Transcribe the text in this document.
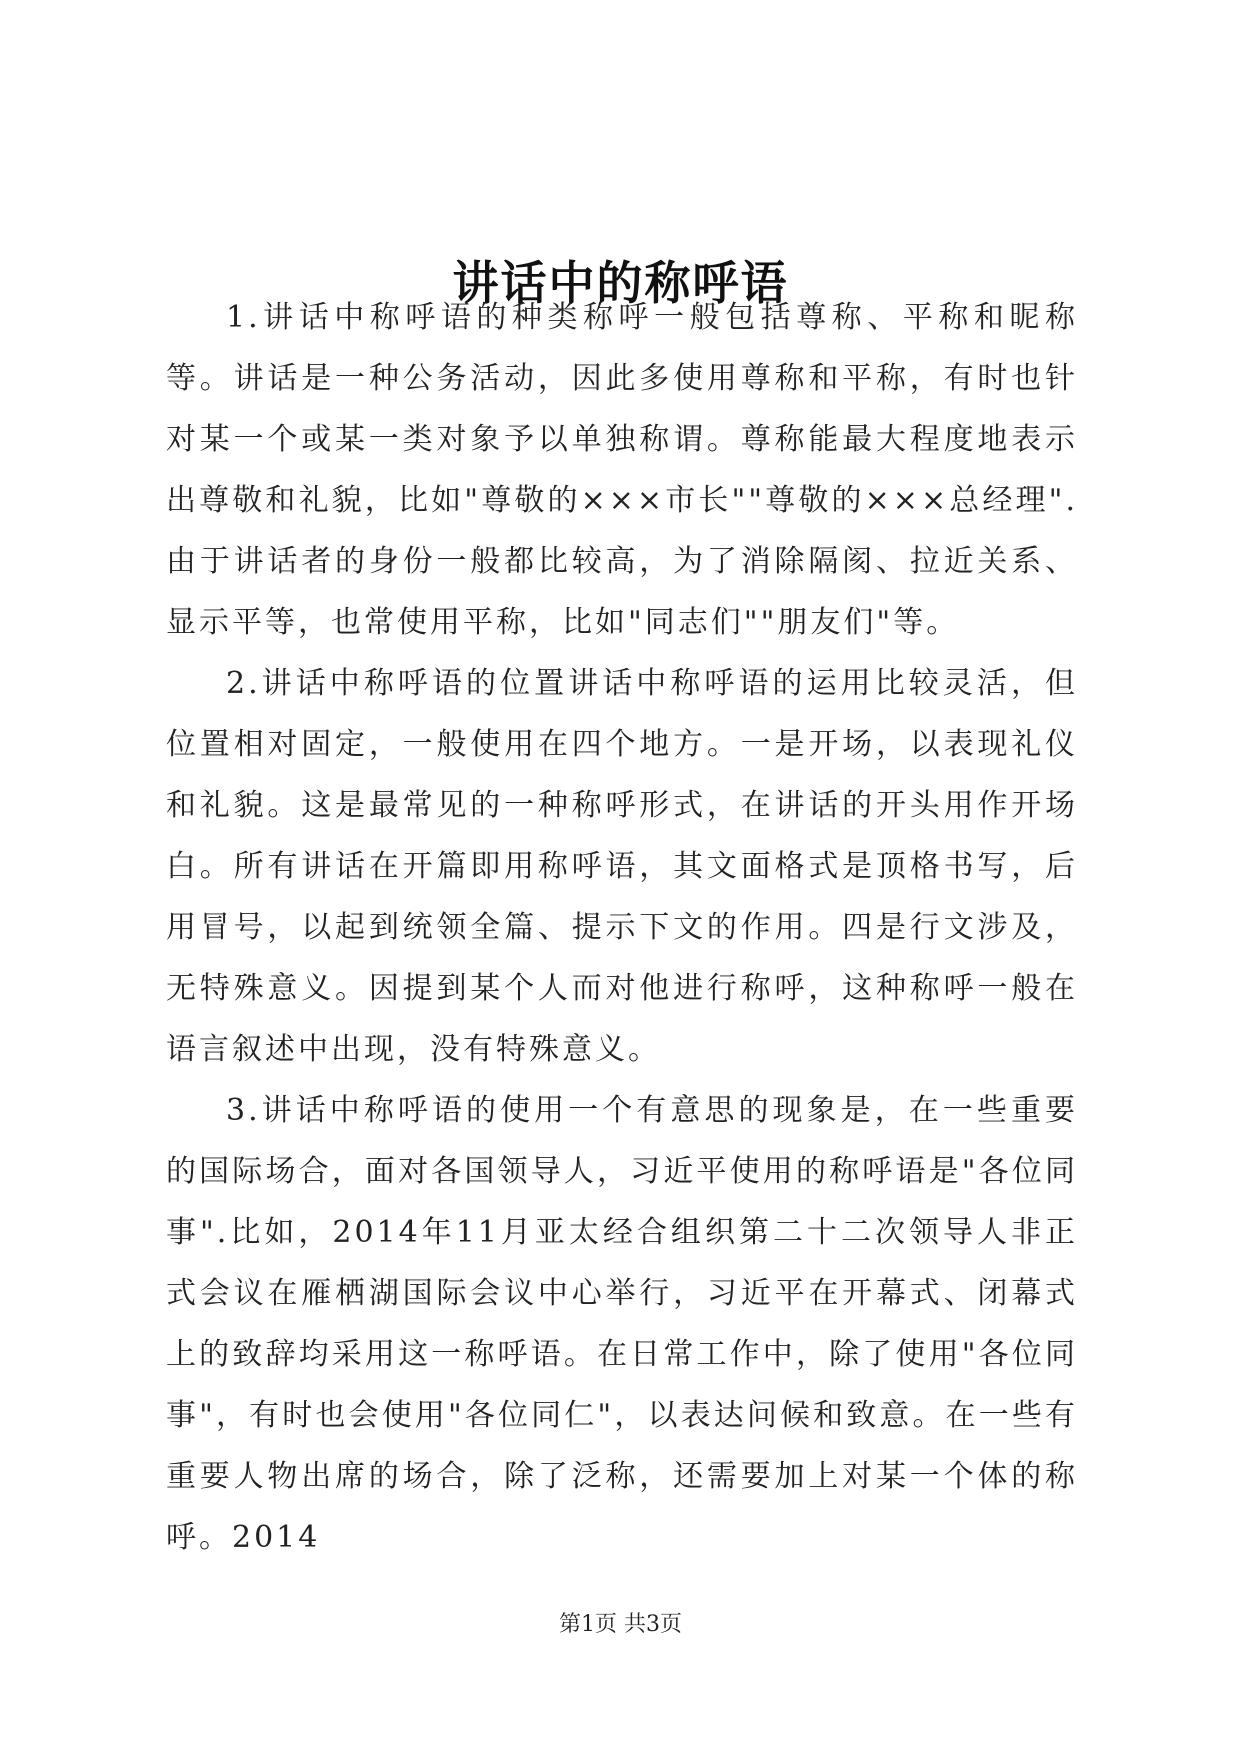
讲话中的称呼语

1.讲话中称呼语的种类称呼一般包括尊称、平称和昵称等。讲话是一种公务活动，因此多使用尊称和平称，有时也针对某一个或某一类对象予以单独称谓。尊称能最大程度地表示出尊敬和礼貌，比如"尊敬的×××市长""尊敬的×××总经理".由于讲话者的身份一般都比较高，为了消除隔阂、拉近关系、显示平等，也常使用平称，比如"同志们""朋友们"等。

2.讲话中称呼语的位置讲话中称呼语的运用比较灵活，但位置相对固定，一般使用在四个地方。一是开场，以表现礼仪和礼貌。这是最常见的一种称呼形式，在讲话的开头用作开场白。所有讲话在开篇即用称呼语，其文面格式是顶格书写，后用冒号，以起到统领全篇、提示下文的作用。四是行文涉及，无特殊意义。因提到某个人而对他进行称呼，这种称呼一般在语言叙述中出现，没有特殊意义。

3.讲话中称呼语的使用一个有意思的现象是，在一些重要的国际场合，面对各国领导人，习近平使用的称呼语是"各位同事".比如，2014年11月亚太经合组织第二十二次领导人非正式会议在雁栖湖国际会议中心举行，习近平在开幕式、闭幕式上的致辞均采用这一称呼语。在日常工作中，除了使用"各位同事"，有时也会使用"各位同仁"，以表达问候和致意。在一些有重要人物出席的场合，除了泛称，还需要加上对某一个体的称呼。2014

第1页 共3页
